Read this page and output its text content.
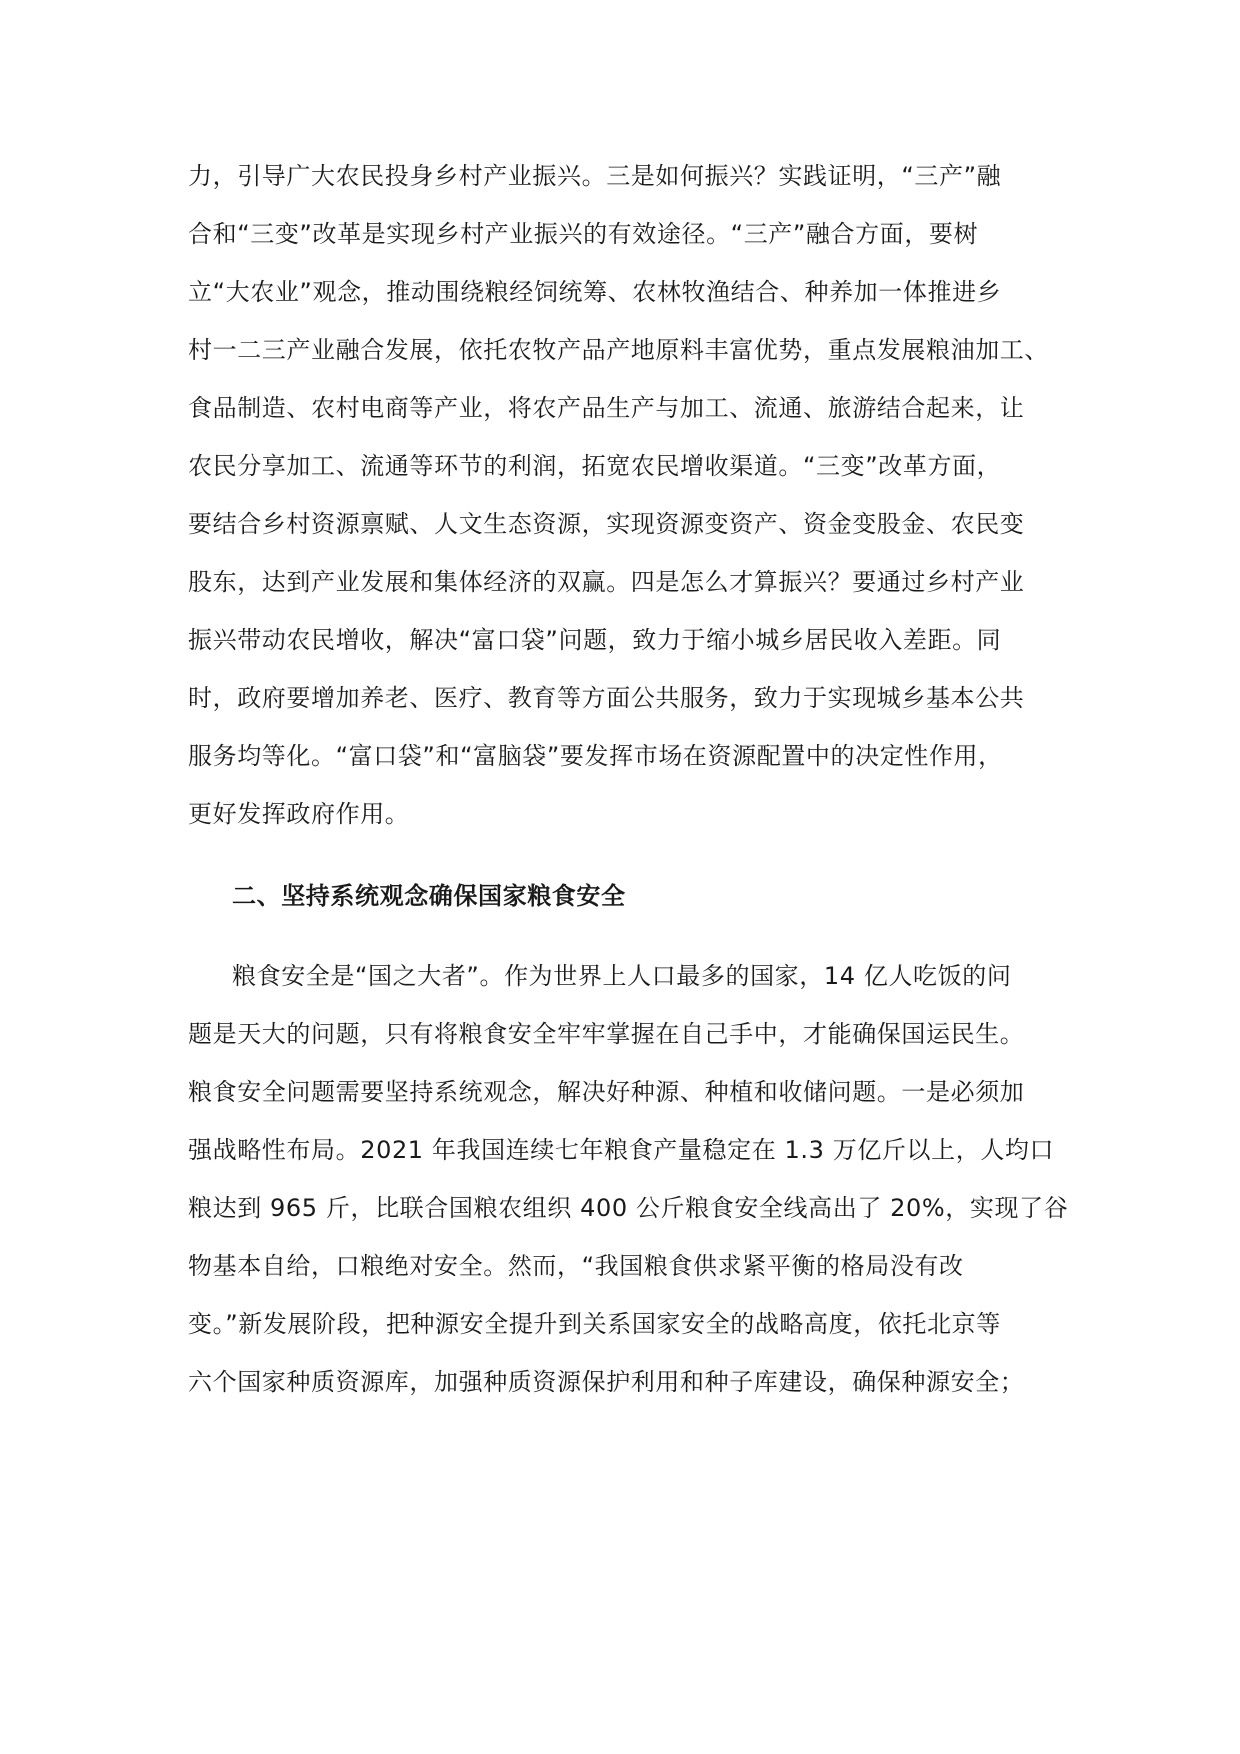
力，引导广大农民投身乡村产业振兴。三是如何振兴？实践证明，“三产”融
合和“三变”改革是实现乡村产业振兴的有效途径。“三产”融合方面，要树
立“大农业”观念，推动围绕粮经饲统筹、农林牧渔结合、种养加一体推进乡
村一二三产业融合发展，依托农牧产品产地原料丰富优势，重点发展粮油加工、
食品制造、农村电商等产业，将农产品生产与加工、流通、旅游结合起来，让
农民分享加工、流通等环节的利润，拓宽农民增收渠道。“三变”改革方面，
要结合乡村资源禀赋、人文生态资源，实现资源变资产、资金变股金、农民变
股东，达到产业发展和集体经济的双赢。四是怎么才算振兴？要通过乡村产业
振兴带动农民增收，解决“富口袋”问题，致力于缩小城乡居民收入差距。同
时，政府要增加养老、医疗、教育等方面公共服务，致力于实现城乡基本公共
服务均等化。“富口袋”和“富脑袋”要发挥市场在资源配置中的决定性作用，
更好发挥政府作用。
二、坚持系统观念确保国家粮食安全
粮食安全是“国之大者”。作为世界上人口最多的国家，14 亿人吃饭的问
题是天大的问题，只有将粮食安全牢牢掌握在自己手中，才能确保国运民生。
粮食安全问题需要坚持系统观念，解决好种源、种植和收储问题。一是必须加
强战略性布局。2021 年我国连续七年粮食产量稳定在 1.3 万亿斤以上，人均口
粮达到 965 斤，比联合国粮农组织 400 公斤粮食安全线高出了 20%，实现了谷
物基本自给，口粮绝对安全。然而，“我国粮食供求紧平衡的格局没有改
变。”新发展阶段，把种源安全提升到关系国家安全的战略高度，依托北京等
六个国家种质资源库，加强种质资源保护利用和种子库建设，确保种源安全；
